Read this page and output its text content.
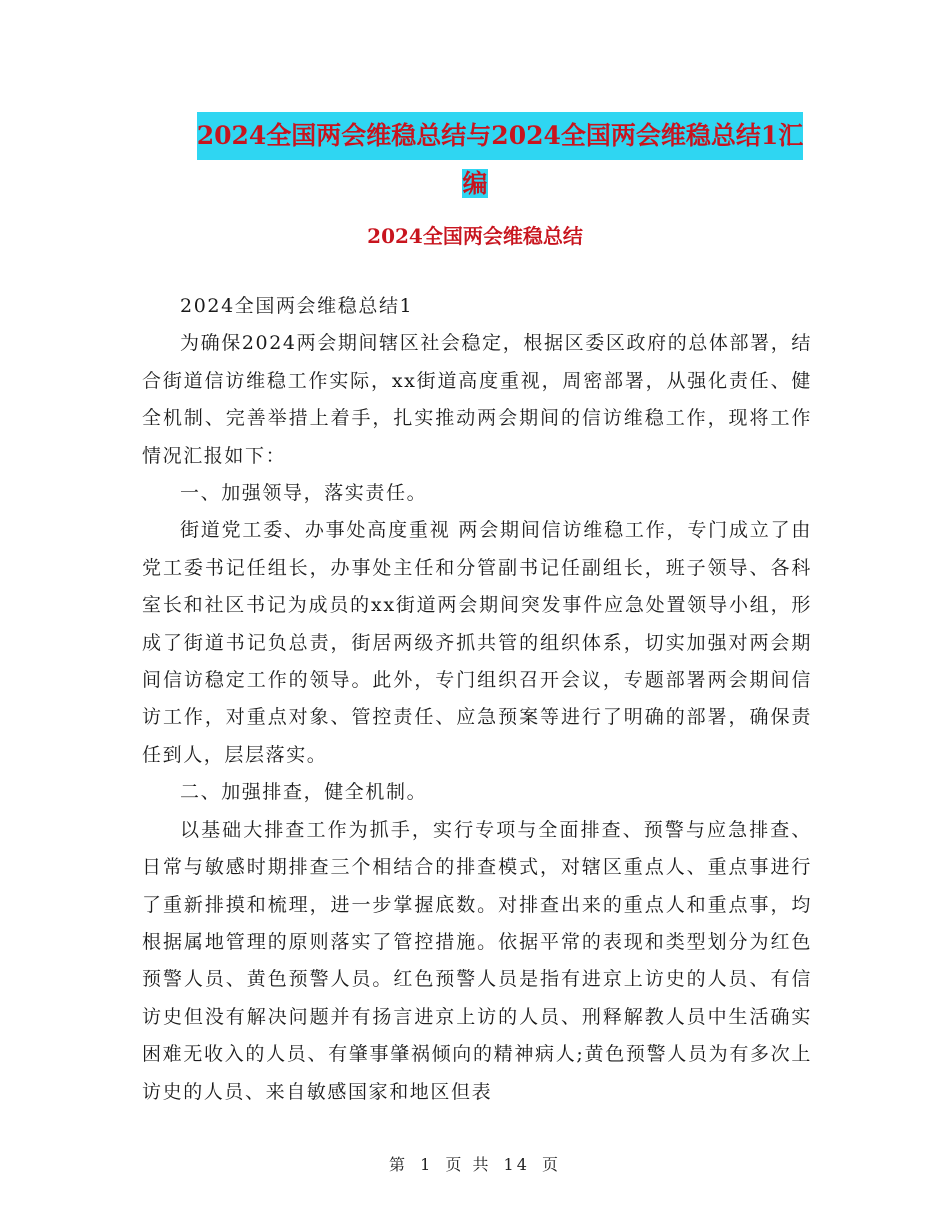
2024全国两会维稳总结与2024全国两会维稳总结1汇
编
2024全国两会维稳总结

2024全国两会维稳总结1

为确保2024两会期间辖区社会稳定，根据区委区政府的总体部署，结合街道信访维稳工作实际，xx街道高度重视，周密部署，从强化责任、健全机制、完善举措上着手，扎实推动两会期间的信访维稳工作，现将工作情况汇报如下：

一、加强领导，落实责任。

街道党工委、办事处高度重视 两会期间信访维稳工作，专门成立了由党工委书记任组长，办事处主任和分管副书记任副组长，班子领导、各科室长和社区书记为成员的xx街道两会期间突发事件应急处置领导小组，形成了街道书记负总责，街居两级齐抓共管的组织体系，切实加强对两会期间信访稳定工作的领导。此外，专门组织召开会议，专题部署两会期间信访工作，对重点对象、管控责任、应急预案等进行了明确的部署，确保责任到人，层层落实。

二、加强排查，健全机制。

以基础大排查工作为抓手，实行专项与全面排查、预警与应急排查、日常与敏感时期排查三个相结合的排查模式，对辖区重点人、重点事进行了重新排摸和梳理，进一步掌握底数。对排查出来的重点人和重点事，均根据属地管理的原则落实了管控措施。依据平常的表现和类型划分为红色预警人员、黄色预警人员。红色预警人员是指有进京上访史的人员、有信访史但没有解决问题并有扬言进京上访的人员、刑释解教人员中生活确实困难无收入的人员、有肇事肇祸倾向的精神病人;黄色预警人员为有多次上访史的人员、来自敏感国家和地区但表

第 1 页 共 14 页
